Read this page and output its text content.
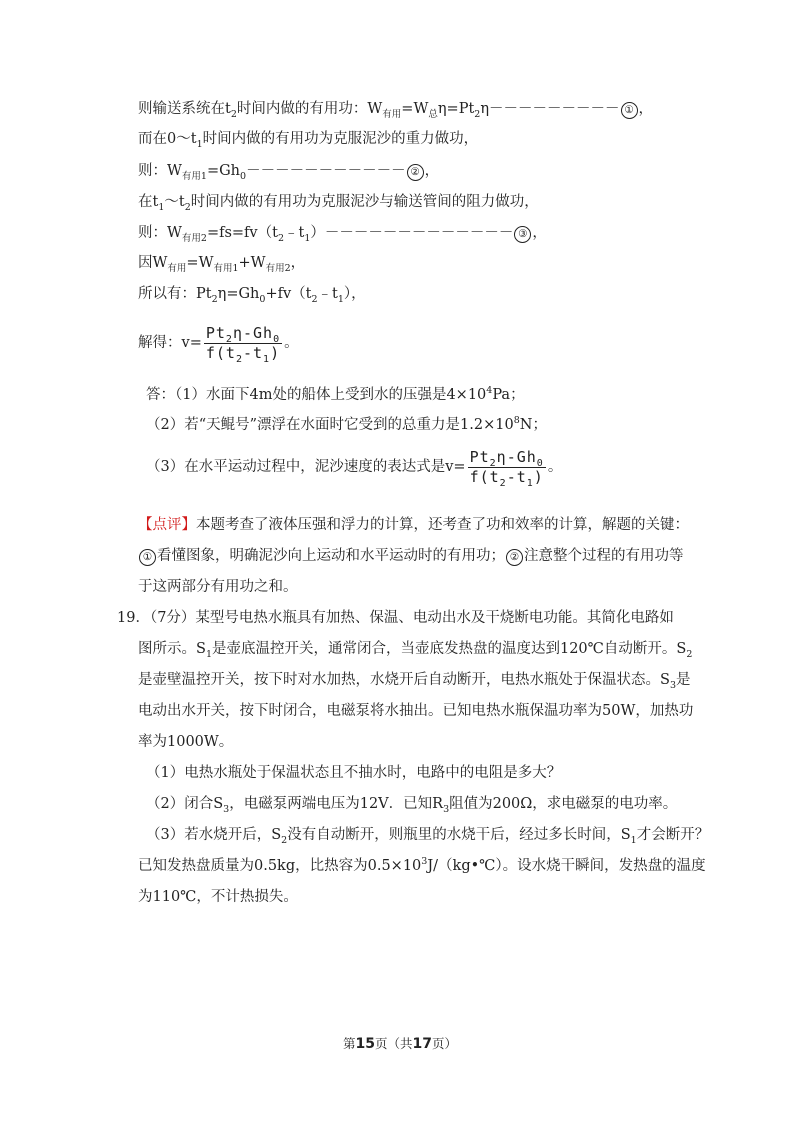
则输送系统在$t_2$时间内做的有用功：$W_{有用}=W_总\eta=Pt_2\eta---------$ ① ，
而在$0\sim t_1$时间内做的有用功为克服泥沙的重力做功，
则：$W_{有用1}=Gh_0-----------$ ② ，
在$t_1\sim t_2$时间内做的有用功为克服泥沙与输送管间的阻力做功，
则：$W_{有用2}=fs=fv(t_2﹣t_1)-------------$ ③ ，
因$W_{有用}=W_{有用1}+W_{有用2}$，
所以有：$Pt_2\eta=Gh_0+fv(t_2﹣t_1)$，
解得：$v= \frac{Pt_2\eta-Gh_0}{f(t_2-t_1)}$ 。
答：（1）水面下4m处的船体上受到水的压强是$4\times 10^4Pa$；
（2）若“天鲲号”漂浮在水面时它受到的总重力是$1.2\times 10^8N$；
（3）在水平运动过程中，泥沙速度的表达式是$v= \frac{Pt_2\eta-Gh_0}{f(t_2-t_1)}$ 。
【点评】本题考查了液体压强和浮力的计算，还考查了功和效率的计算，解题的关键：
① 看懂图象，明确泥沙向上运动和水平运动时的有用功； ② 注意整个过程的有用功等
于这两部分有用功之和。
19．（7分）某型号电热水瓶具有加热、保温、电动出水及干烧断电功能。其简化电路如
图所示。$S_1$是壶底温控开关，通常闭合，当壶底发热盘的温度达到120℃自动断开。$S_2$
是壶壁温控开关，按下时对水加热，水烧开后自动断开，电热水瓶处于保温状态。$S_3$是
电动出水开关，按下时闭合，电磁泵将水抽出。已知电热水瓶保温功率为50W，加热功
率为1000W。
（1）电热水瓶处于保温状态且不抽水时，电路中的电阻是多大？
（2）闭合$S_3$，电磁泵两端电压为12V．已知$R_3$阻值为200Ω，求电磁泵的电功率。
（3）若水烧开后，$S_2$没有自动断开，则瓶里的水烧干后，经过多长时间，$S_1$才会断开？
已知发热盘质量为0.5kg，比热容为$0.5\times 10^3J/(kg•℃)$。设水烧干瞬间，发热盘的温度
为110℃，不计热损失。
第15页（共17页）
